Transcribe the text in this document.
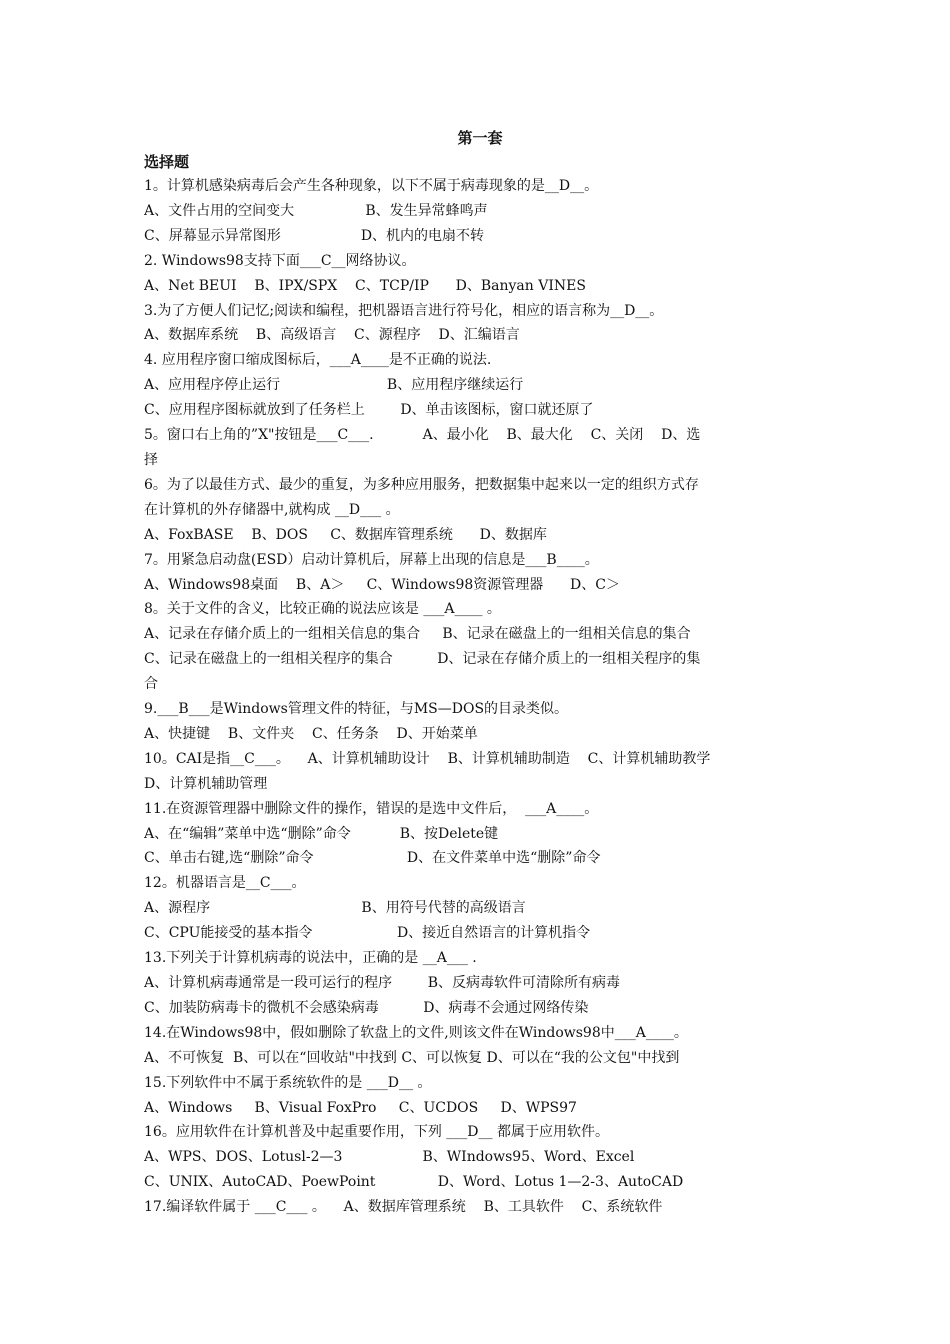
第一套
选择题
1。计算机感染病毒后会产生各种现象，以下不属于病毒现象的是__D__。
A、文件占用的空间变大                B、发生异常蜂鸣声
C、屏幕显示异常图形                  D、机内的电扇不转
2. Windows98支持下面___C__网络协议。
A、Net BEUI    B、IPX/SPX    C、TCP/IP      D、Banyan VINES
3.为了方便人们记忆;阅读和编程，把机器语言进行符号化，相应的语言称为__D__。
A、数据库系统    B、高级语言    C、源程序    D、汇编语言
4. 应用程序窗口缩成图标后，___A____是不正确的说法.
A、应用程序停止运行                        B、应用程序继续运行
C、应用程序图标就放到了任务栏上        D、单击该图标，窗口就还原了
5。窗口右上角的”X"按钮是___C___.           A、最小化    B、最大化    C、关闭    D、选
择
6。为了以最佳方式、最少的重复，为多种应用服务，把数据集中起来以一定的组织方式存
在计算机的外存储器中,就构成 __D___ 。
A、FoxBASE    B、DOS     C、数据库管理系统      D、数据库
7。用紧急启动盘(ESD）启动计算机后，屏幕上出现的信息是___B____。
A、Windows98桌面    B、A＞     C、Windows98资源管理器      D、C＞
8。关于文件的含义，比较正确的说法应该是 ___A____ 。
A、记录在存储介质上的一组相关信息的集合     B、记录在磁盘上的一组相关信息的集合
C、记录在磁盘上的一组相关程序的集合          D、记录在存储介质上的一组相关程序的集
合
9.___B___是Windows管理文件的特征，与MS—DOS的目录类似。
A、快捷键    B、文件夹    C、任务条    D、开始菜单
10。CAI是指__C___。    A、计算机辅助设计    B、计算机辅助制造    C、计算机辅助教学
D、计算机辅助管理
11.在资源管理器中删除文件的操作，错误的是选中文件后，  ___A____。
A、在“编辑”菜单中选“删除”命令           B、按Delete键
C、单击右键,选“删除”命令                     D、在文件菜单中选“删除”命令
12。机器语言是__C___。
A、源程序                                  B、用符号代替的高级语言
C、CPU能接受的基本指令                   D、接近自然语言的计算机指令
13.下列关于计算机病毒的说法中，正确的是 __A___ .
A、计算机病毒通常是一段可运行的程序        B、反病毒软件可清除所有病毒
C、加装防病毒卡的微机不会感染病毒          D、病毒不会通过网络传染
14.在Windows98中，假如删除了软盘上的文件,则该文件在Windows98中___A____。
A、不可恢复  B、可以在“回收站"中找到 C、可以恢复 D、可以在“我的公文包"中找到
15.下列软件中不属于系统软件的是 ___D__ 。
A、Windows     B、Visual FoxPro     C、UCDOS     D、WPS97
16。应用软件在计算机普及中起重要作用，下列 ___D__ 都属于应用软件。
A、WPS、DOS、Lotusl-2—3                  B、WIndows95、Word、Excel
C、UNIX、AutoCAD、PoewPoint              D、Word、Lotus 1—2-3、AutoCAD
17.编译软件属于 ___C___ 。    A、数据库管理系统    B、工具软件    C、系统软件
